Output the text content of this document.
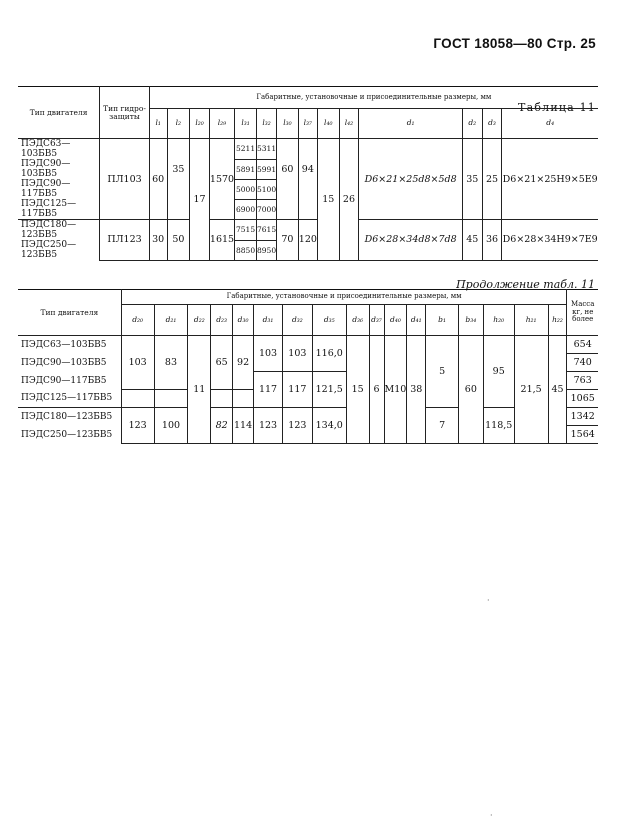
ГОСТ 18058—80 Стр. 25
Таблица 11
Тип двигателя	Тип гидро-защиты	Габаритные, установочные и присоединительные размеры, мм													
		l₁	l₂	l₂₀	l₂₉	l₃₁	l₃₂	l₃₀	l₃₇	l₄₀	l₄₂	d₁	d₂	d₃	d₄
ПЭДС63—103БВ5	ПЛ103	60	35	17	1570	5211	5311	60	94	15	26	D6×21×25d8×5d8	35	25	D6×21×25H9×5E9
ПЭДС90—103БВ5						5891	5991								
ПЭДС90—117БВ5						5000	5100								
ПЭДС125—117БВ5						6900	7000								
ПЭДС180—123БВ5	ПЛ123	30	50		1615	7515	7615	70	120			D6×28×34d8×7d8	45	36	D6×28×34H9×7E9
ПЭДС250—123БВ5						8850	8950								
Продолжение табл. 11
Тип двигателя	Габаритные, установочные и присоединительные размеры, мм																	Масса кг, не более
	d₂₀	d₂₁	d₂₂	d₂₃	d₃₀	d₃₁	d₃₂	d₃₅	d₃₆	d₃₇	d₄₀	d₄₁	b₁	b₃₄	h₂₀	h₂₁	h₂₂	
ПЭДС63—103БВ5	103	83	11	65	92	103	103	116,0	15	6	M10	38	5	60	95	21,5	45	654
ПЭДС90—103БВ5																		740
ПЭДС90—117БВ5						117	117	121,5										763
ПЭДС125—117БВ5																		1065
ПЭДС180—123БВ5	123	100		82	114	123	123	134,0					7		118,5			1342
ПЭДС250—123БВ5																		1564
·
·
